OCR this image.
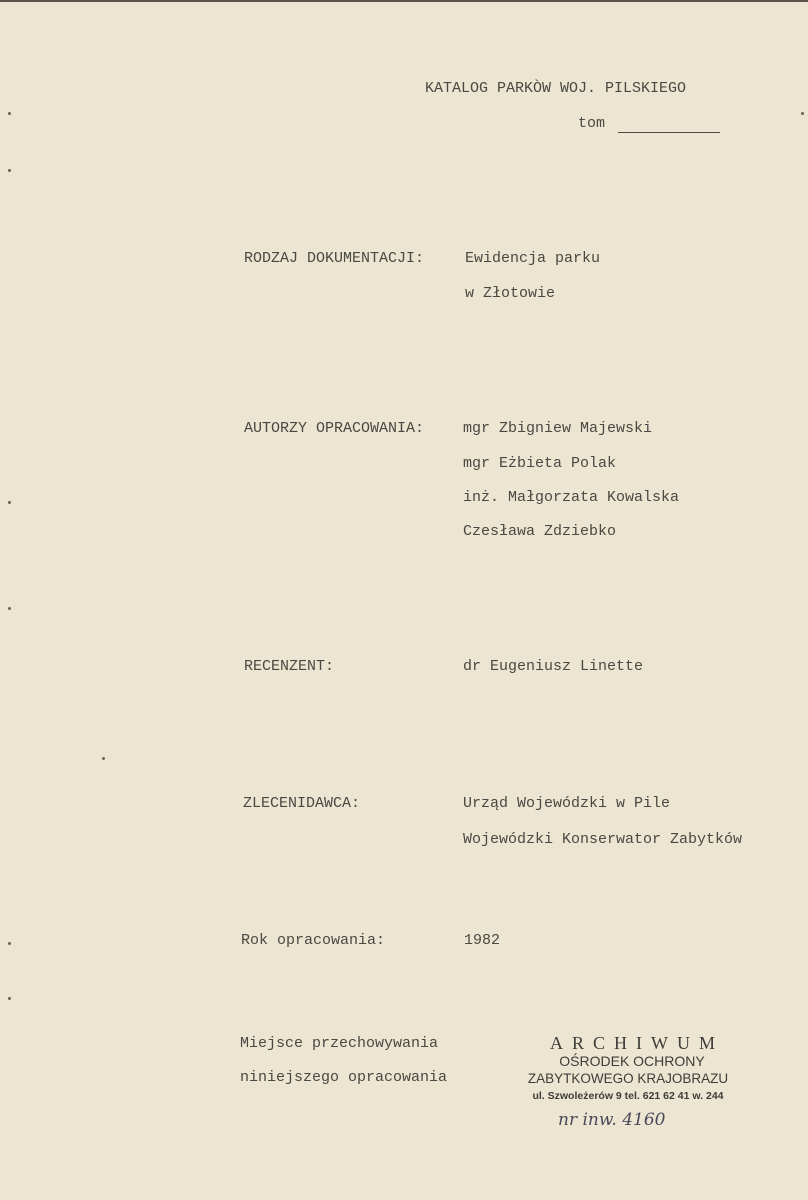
KATALOG PARKÒW WOJ. PILSKIEGO
tom
RODZAJ DOKUMENTACJI:	Ewidencja parku
w Złotowie
AUTORZY OPRACOWANIA:	mgr Zbigniew Majewski
mgr Eżbieta Polak
inż. Małgorzata Kowalska
Czesława Zdziebko
RECENZENT:	dr Eugeniusz Linette
ZLECENIDAWCA:	Urząd Wojewódzki w Pile
Wojewódzki Konserwator Zabytków
Rok opracowania:	1982
Miejsce przechowywania
niniejszego opracowania
ARCHIWUM
OŚRODEK OCHRONY
ZABYTKOWEGO KRAJOBRAZU
ul. Szwoleżerów 9 tel. 621 62 41 w. 244
nr inw. 4160
